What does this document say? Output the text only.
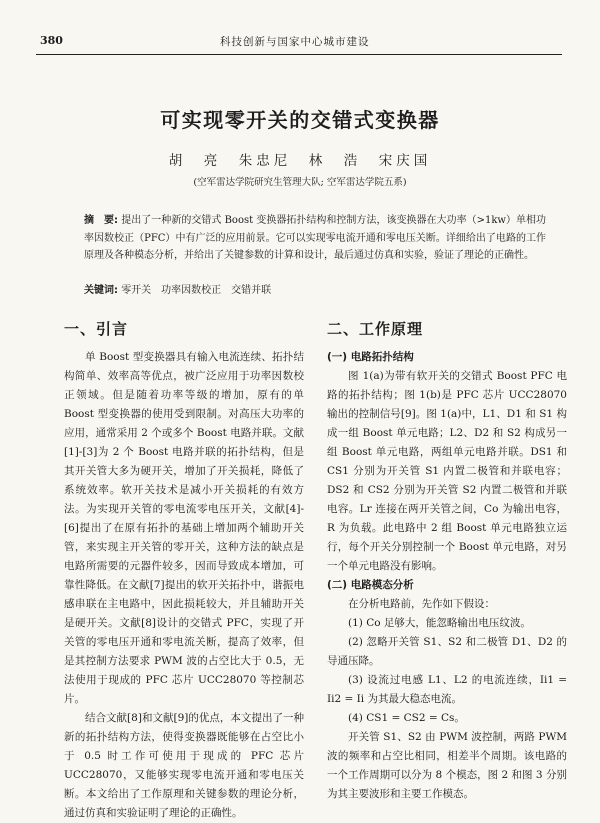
380	科技创新与国家中心城市建设
可实现零开关的交错式变换器
胡　亮　朱忠尼　林　浩　宋庆国
(空军雷达学院研究生管理大队; 空军雷达学院五系)
摘　要: 提出了一种新的交错式 Boost 变换器拓扑结构和控制方法，该变换器在大功率（>1kw）单相功率因数校正（PFC）中有广泛的应用前景。它可以实现零电流开通和零电压关断。详细给出了电路的工作原理及各种模态分析，并给出了关键参数的计算和设计，最后通过仿真和实验，验证了理论的正确性。
关键词: 零开关　功率因数校正　交错并联
一、引言

单 Boost 型变换器具有输入电流连续、拓扑结构简单、效率高等优点，被广泛应用于功率因数校正领域。但是随着功率等级的增加，原有的单 Boost 型变换器的使用受到限制。对高压大功率的应用，通常采用 2 个或多个 Boost 电路并联。文献[1]-[3]为 2 个 Boost 电路并联的拓扑结构，但是其开关管大多为硬开关，增加了开关损耗，降低了系统效率。软开关技术是减小开关损耗的有效方法。为实现开关管的零电流零电压开关，文献[4]-[6]提出了在原有拓扑的基础上增加两个辅助开关管，来实现主开关管的零开关，这种方法的缺点是电路所需要的元器件较多，因而导致成本增加，可靠性降低。在文献[7]提出的软开关拓扑中，谐振电感串联在主电路中，因此损耗较大，并且辅助开关是硬开关。文献[8]设计的交错式 PFC，实现了开关管的零电压开通和零电流关断，提高了效率，但是其控制方法要求 PWM 波的占空比大于 0.5，无法使用于现成的 PFC 芯片 UCC28070 等控制芯片。

结合文献[8]和文献[9]的优点，本文提出了一种新的拓扑结构方法，使得变换器既能够在占空比小于 0.5 时工作可使用于现成的 PFC 芯片 UCC28070，又能够实现零电流开通和零电压关断。本文给出了工作原理和关键参数的理论分析，通过仿真和实验证明了理论的正确性。

二、工作原理
(一) 电路拓扑结构

图 1(a)为带有软开关的交错式 Boost PFC 电路的拓扑结构；图 1(b)是 PFC 芯片 UCC28070 输出的控制信号[9]。图 1(a)中，L1、D1 和 S1 构成一组 Boost 单元电路；L2、D2 和 S2 构成另一组 Boost 单元电路，两组单元电路并联。DS1 和 CS1 分别为开关管 S1 内置二极管和并联电容；DS2 和 CS2 分别为开关管 S2 内置二极管和并联电容。Lr 连接在两开关管之间，Co 为输出电容，R 为负载。此电路中 2 组 Boost 单元电路独立运行，每个开关分别控制一个 Boost 单元电路，对另一个单元电路没有影响。

(二) 电路模态分析

在分析电路前，先作如下假设：

(1) Co 足够大，能忽略输出电压纹波。

(2) 忽略开关管 S1、S2 和二极管 D1、D2 的导通压降。

(3) 设流过电感 L1、L2 的电流连续，Ii1 = Ii2 = Ii 为其最大稳态电流。

(4) CS1 = CS2 = Cs。

开关管 S1、S2 由 PWM 波控制，两路 PWM 波的频率和占空比相同，相差半个周期。该电路的一个工作周期可以分为 8 个模态，图 2 和图 3 分别为其主要波形和主要工作模态。
